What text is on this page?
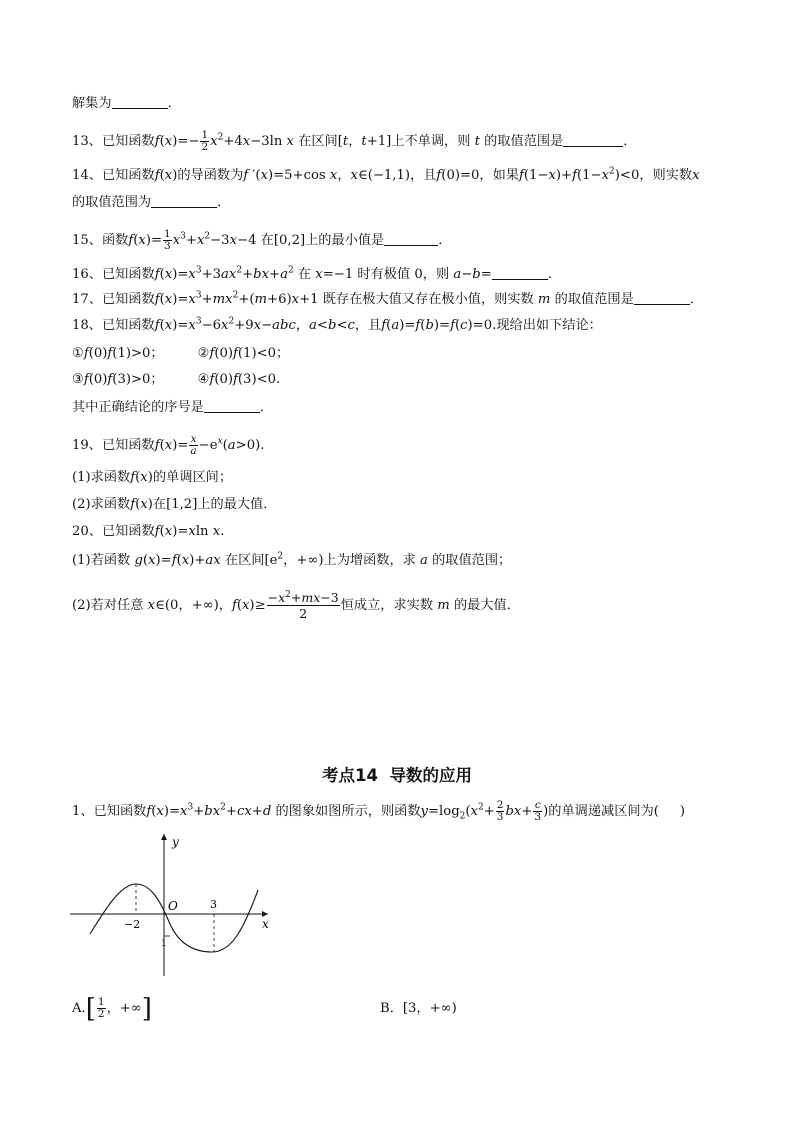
解集为	．
13、已知函数$f(x)=- \frac{1}{2} x^2+4x-3\ln$ x 在区间[t，t+1]上不单调，则 t 的取值范围是	．
14、已知函数f(x)的导函数为f ′(x)=5+cos x，x∈(−1,1)，且f(0)=0，如果$f(1-x)+f(1-x^2)<0$，则实数x
的取值范围为	．
15、函数$f(x)= \frac{1}{3} x^3+x^2-3x-4$ 在[0,2]上的最小值是	．
16、已知函数$f(x)=x^3+3ax^2+bx+a^2$ 在 x=−1 时有极值 0，则 a−b=	.
17、已知函数$f(x)=x^3+mx^2+(m+6)x+1$ 既存在极大值又存在极小值，则实数 m 的取值范围是	．
18、已知函数$f(x)=x^3-6x^2+9x-abc$，a<b<c，且f(a)=f(b)=f(c)=0.现给出如下结论：
①f(0)f(1)>0；	②f(0)f(1)<0；
③f(0)f(3)>0；	④f(0)f(3)<0.
其中正确结论的序号是	．
19、已知函数$f(x)= \frac{x}{a} -e^x(a>0)$.
(1)求函数f(x)的单调区间；
(2)求函数f(x)在[1,2]上的最大值．
20、已知函数f(x)=xln x.
(1)若函数 g(x)=f(x)+ax 在区间[$e^2$，+∞)上为增函数，求 a 的取值范围；
(2)若对任意 x∈(0，+∞)，$f(x)\ge \frac{-x^2+mx-3}{2}$ 恒成立，求实数 m 的最大值．
考点14 导数的应用
1、已知函数$f(x)=x^3+bx^2+cx+d$ 的图象如图所示，则函数$y=\log_2(x^2+ \frac{2}{3} bx+ \frac{c}{3}$ )的单调递减区间为( )
y
x
O
−2
3
1
$A.[ \frac{1}{2}$ ，+∞]	B．[3，+∞)
